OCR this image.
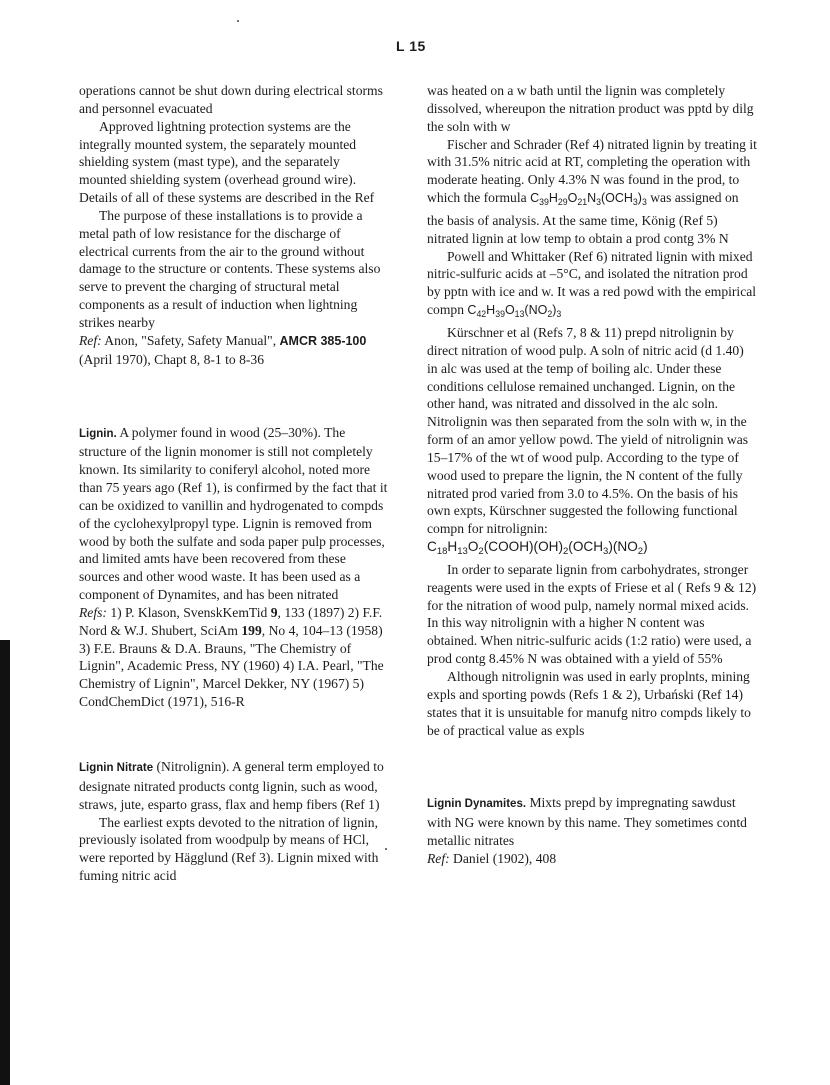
L 15

operations cannot be shut down during electrical storms and personnel evacuated

Approved lightning protection systems are the integrally mounted system, the separately mounted shielding system (mast type), and the separately mounted shielding system (overhead ground wire). Details of all of these systems are described in the Ref

The purpose of these installations is to provide a metal path of low resistance for the discharge of electrical currents from the air to the ground without damage to the structure or contents. These systems also serve to prevent the charging of structural metal components as a result of induction when lightning strikes nearby

Ref: Anon, "Safety, Safety Manual", AMCR 385-100 (April 1970), Chapt 8, 8-1 to 8-36

Lignin. A polymer found in wood (25–30%). The structure of the lignin monomer is still not completely known. Its similarity to coniferyl alcohol, noted more than 75 years ago (Ref 1), is confirmed by the fact that it can be oxidized to vanillin and hydrogenated to compds of the cyclohexylpropyl type. Lignin is removed from wood by both the sulfate and soda paper pulp processes, and limited amts have been recovered from these sources and other wood waste. It has been used as a component of Dynamites, and has been nitrated

Refs: 1) P. Klason, SvenskKemTid 9, 133 (1897) 2) F.F. Nord & W.J. Shubert, SciAm 199, No 4, 104–13 (1958) 3) F.E. Brauns & D.A. Brauns, "The Chemistry of Lignin", Academic Press, NY (1960) 4) I.A. Pearl, "The Chemistry of Lignin", Marcel Dekker, NY (1967) 5) CondChemDict (1971), 516-R

Lignin Nitrate (Nitrolignin). A general term employed to designate nitrated products contg lignin, such as wood, straws, jute, esparto grass, flax and hemp fibers (Ref 1)

The earliest expts devoted to the nitration of lignin, previously isolated from woodpulp by means of HCl, were reported by Hägglund (Ref 3). Lignin mixed with fuming nitric acid

was heated on a w bath until the lignin was completely dissolved, whereupon the nitration product was pptd by dilg the soln with w

Fischer and Schrader (Ref 4) nitrated lignin by treating it with 31.5% nitric acid at RT, completing the operation with moderate heating. Only 4.3% N was found in the prod, to which the formula $C_{39}H_{29}O_{21}N_3(OCH_3)_3$ was assigned on the basis of analysis. At the same time, König (Ref 5) nitrated lignin at low temp to obtain a prod contg 3% N

Powell and Whittaker (Ref 6) nitrated lignin with mixed nitric-sulfuric acids at –5°C, and isolated the nitration prod by pptn with ice and w. It was a red powd with the empirical compn $C_{42}H_{39}O_{13}(NO_2)_3$

Kürschner et al (Refs 7, 8 & 11) prepd nitrolignin by direct nitration of wood pulp. A soln of nitric acid (d 1.40) in alc was used at the temp of boiling alc. Under these conditions cellulose remained unchanged. Lignin, on the other hand, was nitrated and dissolved in the alc soln. Nitrolignin was then separated from the soln with w, in the form of an amor yellow powd. The yield of nitrolignin was 15–17% of the wt of wood pulp. According to the type of wood used to prepare the lignin, the N content of the fully nitrated prod varied from 3.0 to 4.5%. On the basis of his own expts, Kürschner suggested the following functional compn for nitrolignin:

$C_{18}H_{13}O_2(COOH)(OH)_2(OCH_3)(NO_2)$

In order to separate lignin from carbohydrates, stronger reagents were used in the expts of Friese et al ( Refs 9 & 12) for the nitration of wood pulp, namely normal mixed acids. In this way nitrolignin with a higher N content was obtained. When nitric-sulfuric acids (1:2 ratio) were used, a prod contg 8.45% N was obtained with a yield of 55%

Although nitrolignin was used in early proplnts, mining expls and sporting powds (Refs 1 & 2), Urbański (Ref 14) states that it is unsuitable for manufg nitro compds likely to be of practical value as expls

Lignin Dynamites. Mixts prepd by impregnating sawdust with NG were known by this name. They sometimes contd metallic nitrates

Ref: Daniel (1902), 408
